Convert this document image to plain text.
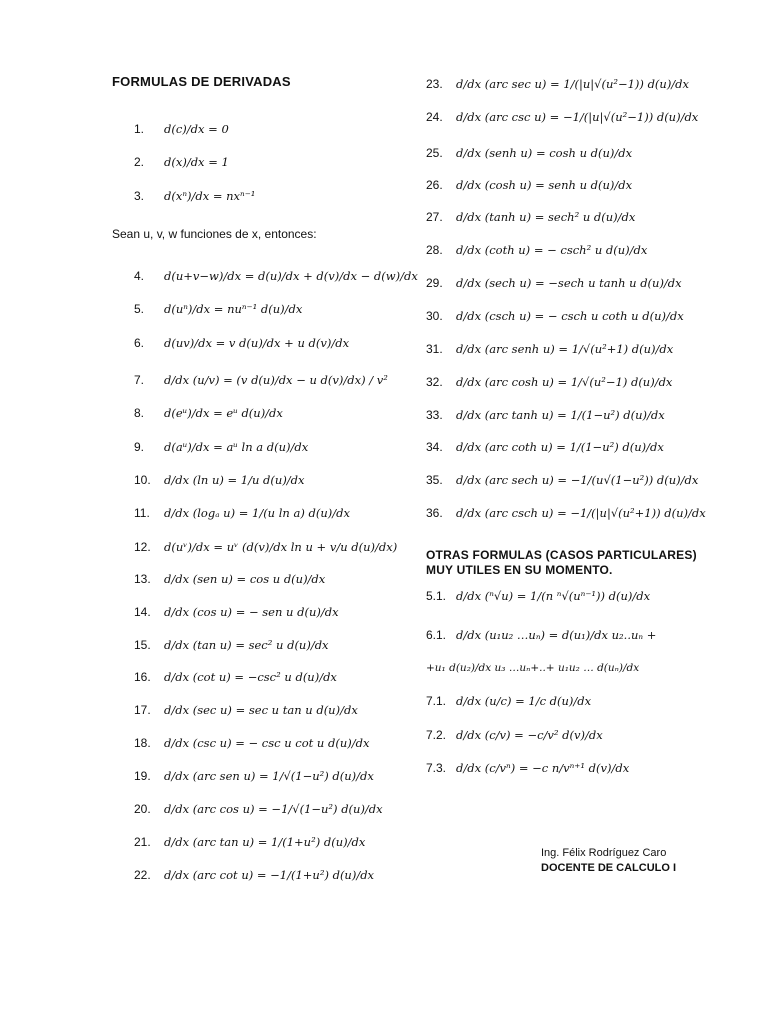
FORMULAS DE DERIVADAS
1.	d(c)/dx = 0
2.	d(x)/dx = 1
3.	d(xⁿ)/dx = nxⁿ⁻¹
Sean u, v, w funciones de x, entonces:
4.	d(u+v−w)/dx = d(u)/dx + d(v)/dx − d(w)/dx
5.	d(uⁿ)/dx = nuⁿ⁻¹ d(u)/dx
6.	d(uv)/dx = v d(u)/dx + u d(v)/dx
7.	d/dx (u/v) = (v d(u)/dx − u d(v)/dx) / v²
8.	d(eᵘ)/dx = eᵘ d(u)/dx
9.	d(aᵘ)/dx = aᵘ ln a d(u)/dx
10.	d/dx (ln u) = 1/u d(u)/dx
11.	d/dx (logₐ u) = 1/(u ln a) d(u)/dx
12.	d(uᵛ)/dx = uᵛ (d(v)/dx ln u + v/u d(u)/dx)
13.	d/dx (sen u) = cos u d(u)/dx
14.	d/dx (cos u) = − sen u d(u)/dx
15.	d/dx (tan u) = sec² u d(u)/dx
16.	d/dx (cot u) = −csc² u d(u)/dx
17.	d/dx (sec u) = sec u tan u d(u)/dx
18.	d/dx (csc u) = − csc u cot u d(u)/dx
19.	d/dx (arc sen u) = 1/√(1−u²) d(u)/dx
20.	d/dx (arc cos u) = −1/√(1−u²) d(u)/dx
21.	d/dx (arc tan u) = 1/(1+u²) d(u)/dx
22.	d/dx (arc cot u) = −1/(1+u²) d(u)/dx
23.	d/dx (arc sec u) = 1/(|u|√(u²−1)) d(u)/dx
24.	d/dx (arc csc u) = −1/(|u|√(u²−1)) d(u)/dx
25.	d/dx (senh u) = cosh u d(u)/dx
26.	d/dx (cosh u) = senh u d(u)/dx
27.	d/dx (tanh u) = sech² u d(u)/dx
28.	d/dx (coth u) = − csch² u d(u)/dx
29.	d/dx (sech u) = −sech u tanh u d(u)/dx
30.	d/dx (csch u) = − csch u coth u d(u)/dx
31.	d/dx (arc senh u) = 1/√(u²+1) d(u)/dx
32.	d/dx (arc cosh u) = 1/√(u²−1) d(u)/dx
33.	d/dx (arc tanh u) = 1/(1−u²) d(u)/dx
34.	d/dx (arc coth u) = 1/(1−u²) d(u)/dx
35.	d/dx (arc sech u) = −1/(u√(1−u²)) d(u)/dx
36.	d/dx (arc csch u) = −1/(|u|√(u²+1)) d(u)/dx
OTRAS FORMULAS (CASOS PARTICULARES)
MUY UTILES EN SU MOMENTO.
5.1. d/dx (ⁿ√u) = 1/(n ⁿ√(uⁿ⁻¹)) d(u)/dx
6.1. d/dx (u₁u₂ …uₙ) = d(u₁)/dx u₂..uₙ +
+u₁ d(u₂)/dx u₃ …uₙ+..+ u₁u₂ … d(uₙ)/dx
7.1. d/dx (u/c) = 1/c d(u)/dx
7.2. d/dx (c/v) = −c/v² d(v)/dx
7.3. d/dx (c/vⁿ) = −c n/vⁿ⁺¹ d(v)/dx
Ing. Félix Rodríguez Caro
DOCENTE DE CALCULO I
